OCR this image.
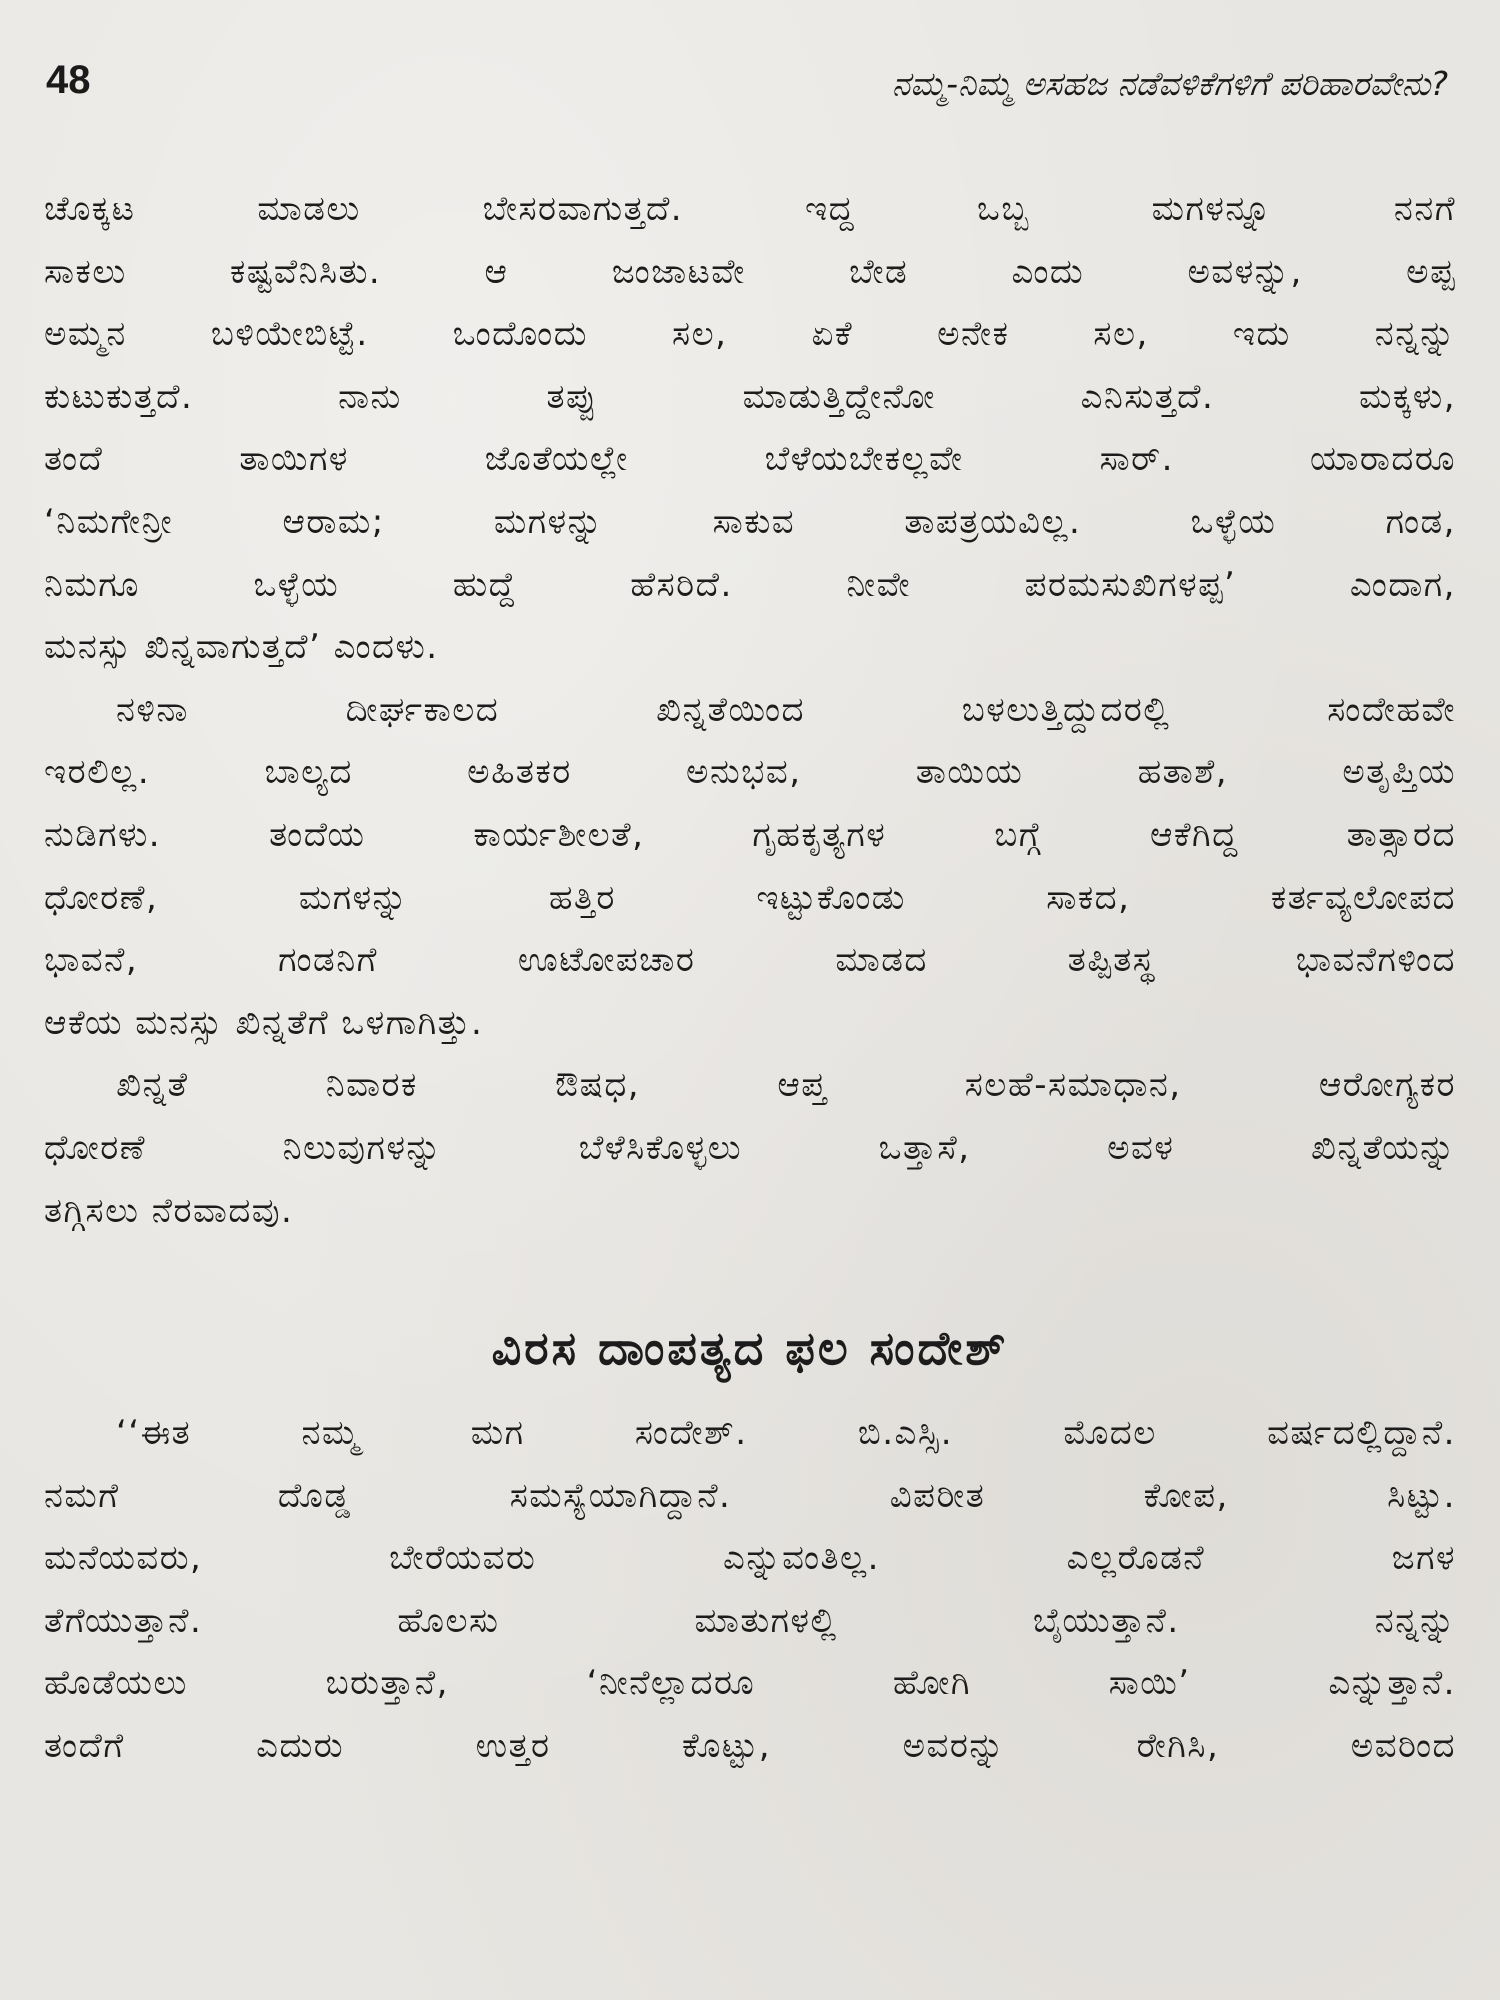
48	ನಮ್ಮ-ನಿಮ್ಮ ಅಸಹಜ ನಡೆವಳಿಕೆಗಳಿಗೆ ಪರಿಹಾರವೇನು?
ಚೊಕ್ಕಟ ಮಾಡಲು ಬೇಸರವಾಗುತ್ತದೆ. ಇದ್ದ ಒಬ್ಬ ಮಗಳನ್ನೂ ನನಗೆ
ಸಾಕಲು ಕಷ್ಟವೆನಿಸಿತು. ಆ ಜಂಜಾಟವೇ ಬೇಡ ಎಂದು ಅವಳನ್ನು, ಅಪ್ಪ
ಅಮ್ಮನ ಬಳಿಯೇಬಿಟ್ಟೆ. ಒಂದೊಂದು ಸಲ, ಏಕೆ ಅನೇಕ ಸಲ, ಇದು ನನ್ನನ್ನು
ಕುಟುಕುತ್ತದೆ. ನಾನು ತಪ್ಪು ಮಾಡುತ್ತಿದ್ದೇನೋ ಎನಿಸುತ್ತದೆ. ಮಕ್ಕಳು,
ತಂದೆ ತಾಯಿಗಳ ಜೊತೆಯಲ್ಲೇ ಬೆಳೆಯಬೇಕಲ್ಲವೇ ಸಾರ್. ಯಾರಾದರೂ
‘ನಿಮಗೇನ್ರೀ ಆರಾಮ; ಮಗಳನ್ನು ಸಾಕುವ ತಾಪತ್ರಯವಿಲ್ಲ. ಒಳ್ಳೆಯ ಗಂಡ,
ನಿಮಗೂ ಒಳ್ಳೆಯ ಹುದ್ದೆ ಹೆಸರಿದೆ. ನೀವೇ ಪರಮಸುಖಿಗಳಪ್ಪ’ ಎಂದಾಗ,
ಮನಸ್ಸು ಖಿನ್ನವಾಗುತ್ತದೆ’ ಎಂದಳು.
ನಳಿನಾ ದೀರ್ಘಕಾಲದ ಖಿನ್ನತೆಯಿಂದ ಬಳಲುತ್ತಿದ್ದುದರಲ್ಲಿ ಸಂದೇಹವೇ
ಇರಲಿಲ್ಲ. ಬಾಲ್ಯದ ಅಹಿತಕರ ಅನುಭವ, ತಾಯಿಯ ಹತಾಶೆ, ಅತೃಪ್ತಿಯ
ನುಡಿಗಳು. ತಂದೆಯ ಕಾರ್ಯಶೀಲತೆ, ಗೃಹಕೃತ್ಯಗಳ ಬಗ್ಗೆ ಆಕೆಗಿದ್ದ ತಾತ್ಸಾರದ
ಧೋರಣೆ, ಮಗಳನ್ನು ಹತ್ತಿರ ಇಟ್ಟುಕೊಂಡು ಸಾಕದ, ಕರ್ತವ್ಯಲೋಪದ
ಭಾವನೆ, ಗಂಡನಿಗೆ ಊಟೋಪಚಾರ ಮಾಡದ ತಪ್ಪಿತಸ್ಥ ಭಾವನೆಗಳಿಂದ
ಆಕೆಯ ಮನಸ್ಸು ಖಿನ್ನತೆಗೆ ಒಳಗಾಗಿತ್ತು.
ಖಿನ್ನತೆ ನಿವಾರಕ ಔಷಧ, ಆಪ್ತ ಸಲಹೆ-ಸಮಾಧಾನ, ಆರೋಗ್ಯಕರ
ಧೋರಣೆ ನಿಲುವುಗಳನ್ನು ಬೆಳೆಸಿಕೊಳ್ಳಲು ಒತ್ತಾಸೆ, ಅವಳ ಖಿನ್ನತೆಯನ್ನು
ತಗ್ಗಿಸಲು ನೆರವಾದವು.
ವಿರಸ ದಾಂಪತ್ಯದ ಫಲ ಸಂದೇಶ್
‘‘ಈತ ನಮ್ಮ ಮಗ ಸಂದೇಶ್. ಬಿ.ಎಸ್ಸಿ. ಮೊದಲ ವರ್ಷದಲ್ಲಿದ್ದಾನೆ.
ನಮಗೆ ದೊಡ್ಡ ಸಮಸ್ಯೆಯಾಗಿದ್ದಾನೆ. ವಿಪರೀತ ಕೋಪ, ಸಿಟ್ಟು.
ಮನೆಯವರು, ಬೇರೆಯವರು ಎನ್ನುವಂತಿಲ್ಲ. ಎಲ್ಲರೊಡನೆ ಜಗಳ
ತೆಗೆಯುತ್ತಾನೆ. ಹೊಲಸು ಮಾತುಗಳಲ್ಲಿ ಬೈಯುತ್ತಾನೆ. ನನ್ನನ್ನು
ಹೊಡೆಯಲು ಬರುತ್ತಾನೆ, ‘ನೀನೆಲ್ಲಾದರೂ ಹೋಗಿ ಸಾಯಿ’ ಎನ್ನುತ್ತಾನೆ.
ತಂದೆಗೆ ಎದುರು ಉತ್ತರ ಕೊಟ್ಟು, ಅವರನ್ನು ರೇಗಿಸಿ, ಅವರಿಂದ
